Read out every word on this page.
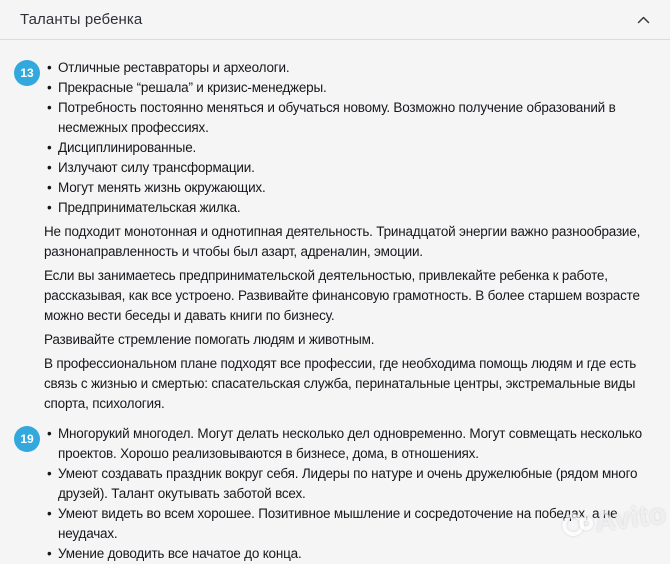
Таланты ребенка
13	• Отличные реставраторы и археологи.
• Прекрасные “решала” и кризис-менеджеры.
• Потребность постоянно меняться и обучаться новому. Возможно получение образований в несмежных профессиях.
• Дисциплинированные.
• Излучают силу трансформации.
• Могут менять жизнь окружающих.
• Предпринимательская жилка.

Не подходит монотонная и однотипная деятельность. Тринадцатой энергии важно разнообразие, разнонаправленность и чтобы был азарт, адреналин, эмоции.

Если вы занимаетесь предпринимательской деятельностью, привлекайте ребенка к работе, рассказывая, как все устроено. Развивайте финансовую грамотность. В более старшем возрасте можно вести беседы и давать книги по бизнесу.

Развивайте стремление помогать людям и животным.

В профессиональном плане подходят все профессии, где необходима помощь людям и где есть связь с жизнью и смертью: спасательская служба, перинатальные центры, экстремальные виды спорта, психология.

19	• Многорукий многодел. Могут делать несколько дел одновременно. Могут совмещать несколько проектов. Хорошо реализовываются в бизнесе, дома, в отношениях.
• Умеют создавать праздник вокруг себя. Лидеры по натуре и очень дружелюбные (рядом много друзей). Талант окутывать заботой всех.
• Умеют видеть во всем хорошее. Позитивное мышление и сосредоточение на победах, а не неудачах.
• Умение доводить все начатое до конца.
Avito
